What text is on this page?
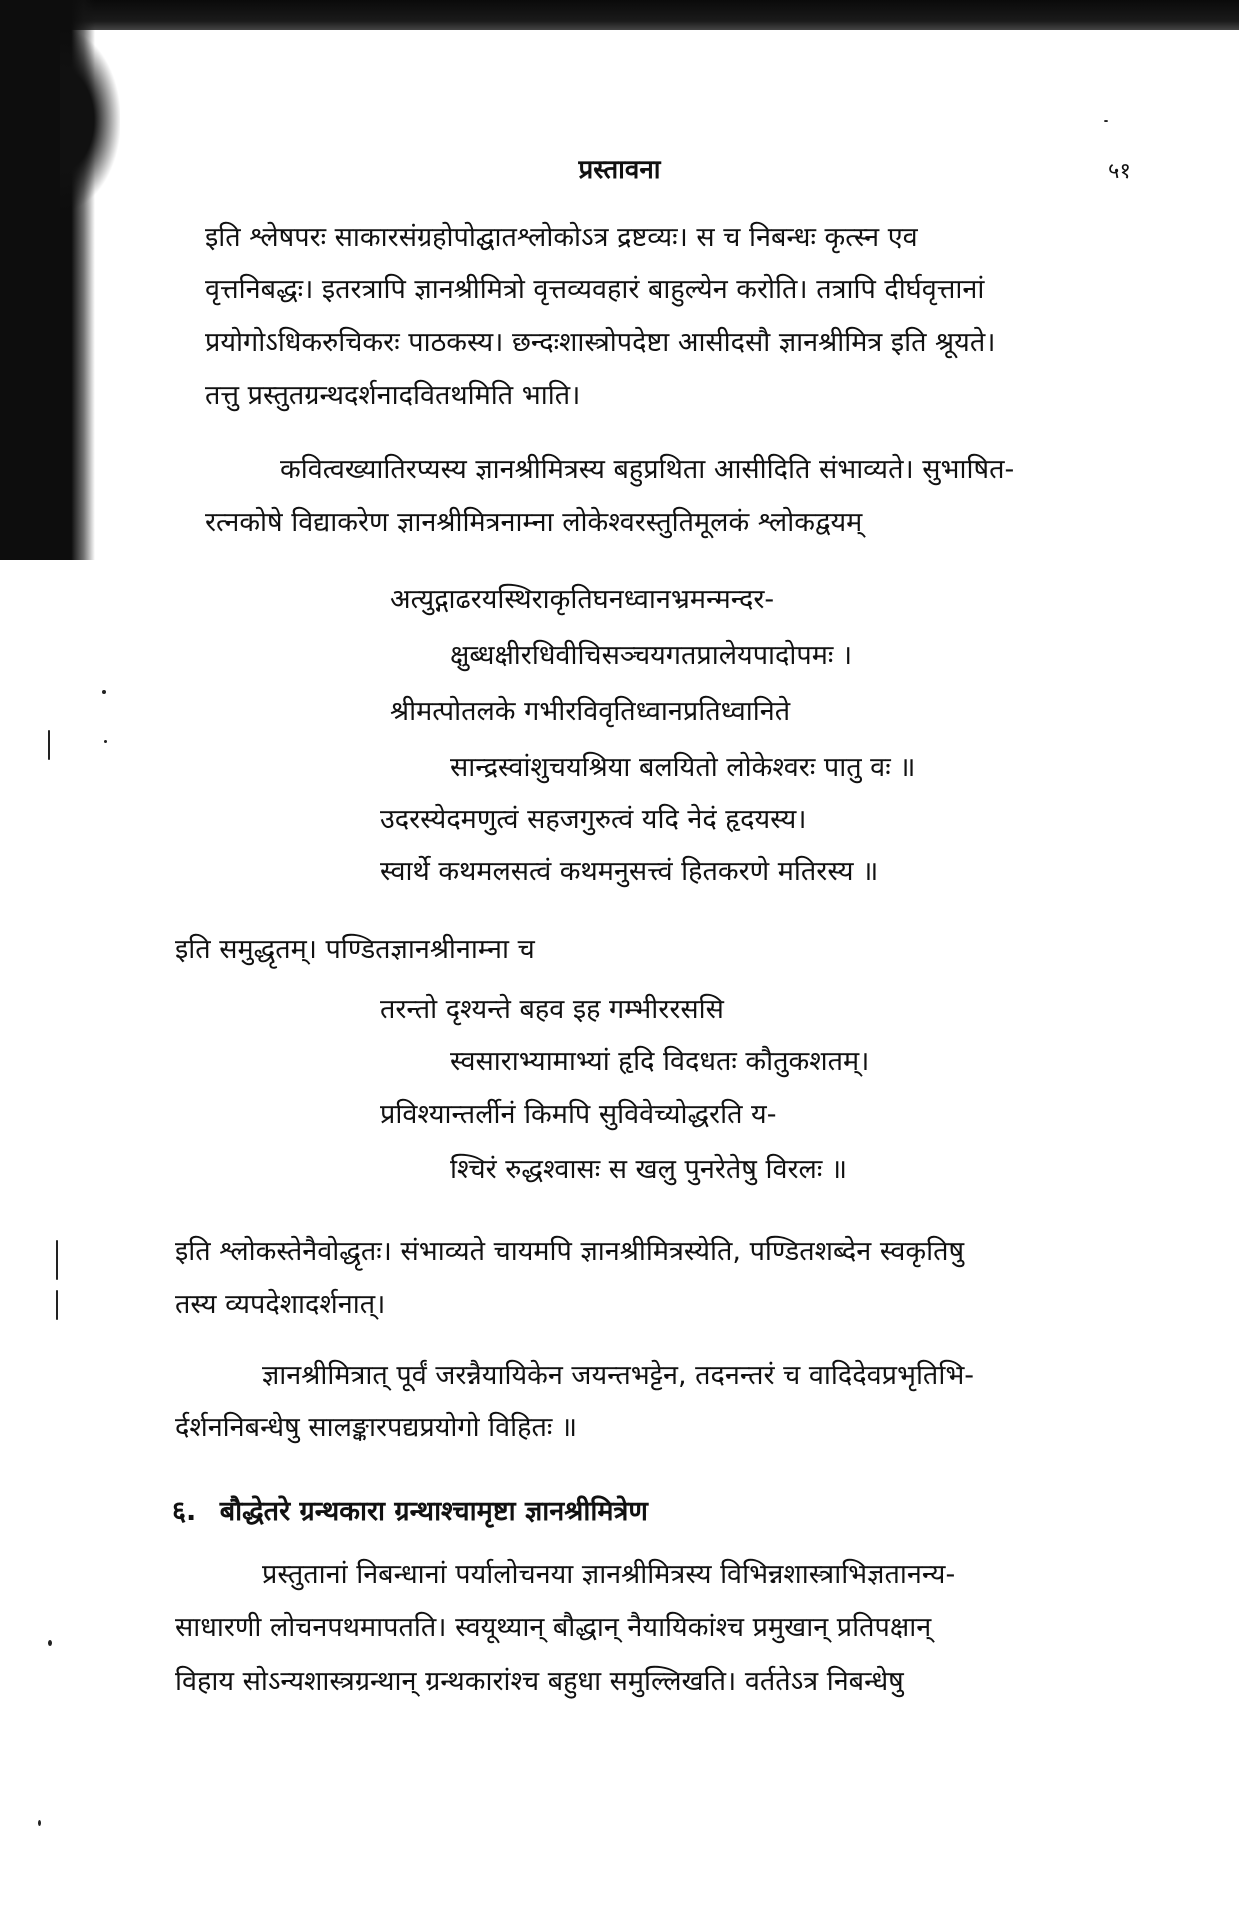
प्रस्तावना	५१
इति श्लेषपरः साकारसंग्रहोपोद्घातश्लोकोऽत्र द्रष्टव्यः। स च निबन्धः कृत्स्न एव
वृत्तनिबद्धः। इतरत्रापि ज्ञानश्रीमित्रो वृत्तव्यवहारं बाहुल्येन करोति। तत्रापि दीर्घवृत्तानां
प्रयोगोऽधिकरुचिकरः पाठकस्य। छन्दःशास्त्रोपदेष्टा आसीदसौ ज्ञानश्रीमित्र इति श्रूयते।
तत्तु प्रस्तुतग्रन्थदर्शनादवितथमिति भाति।
कवित्वख्यातिरप्यस्य ज्ञानश्रीमित्रस्य बहुप्रथिता आसीदिति संभाव्यते। सुभाषित-
रत्नकोषे विद्याकरेण ज्ञानश्रीमित्रनाम्ना लोकेश्वरस्तुतिमूलकं श्लोकद्वयम्
अत्युद्गाढरयस्थिराकृतिघनध्वानभ्रमन्मन्दर-
क्षुब्धक्षीरधिवीचिसञ्चयगतप्रालेयपादोपमः ।
श्रीमत्पोतलके गभीरविवृतिध्वानप्रतिध्वानिते
सान्द्रस्वांशुचयश्रिया बलयितो लोकेश्वरः पातु वः ॥
उदरस्येदमणुत्वं सहजगुरुत्वं यदि नेदं हृदयस्य।
स्वार्थे कथमलसत्वं कथमनुसत्त्वं हितकरणे मतिरस्य ॥
इति समुद्धृतम्। पण्डितज्ञानश्रीनाम्ना च
तरन्तो दृश्यन्ते बहव इह गम्भीररससि
स्वसाराभ्यामाभ्यां हृदि विदधतः कौतुकशतम्।
प्रविश्यान्तर्लीनं किमपि सुविवेच्योद्धरति य-
श्चिरं रुद्धश्वासः स खलु पुनरेतेषु विरलः ॥
इति श्लोकस्तेनैवोद्धृतः। संभाव्यते चायमपि ज्ञानश्रीमित्रस्येति, पण्डितशब्देन स्वकृतिषु
तस्य व्यपदेशादर्शनात्।
ज्ञानश्रीमित्रात् पूर्वं जरन्नैयायिकेन जयन्तभट्टेन, तदनन्तरं च वादिदेवप्रभृतिभि-
र्दर्शननिबन्धेषु सालङ्कारपद्यप्रयोगो विहितः ॥
६. बौद्धेतरे ग्रन्थकारा ग्रन्थाश्चामृष्टा ज्ञानश्रीमित्रेण
प्रस्तुतानां निबन्धानां पर्यालोचनया ज्ञानश्रीमित्रस्य विभिन्नशास्त्राभिज्ञतानन्य-
साधारणी लोचनपथमापतति। स्वयूथ्यान् बौद्धान् नैयायिकांश्च प्रमुखान् प्रतिपक्षान्
विहाय सोऽन्यशास्त्रग्रन्थान् ग्रन्थकारांश्च बहुधा समुल्लिखति। वर्ततेऽत्र निबन्धेषु
